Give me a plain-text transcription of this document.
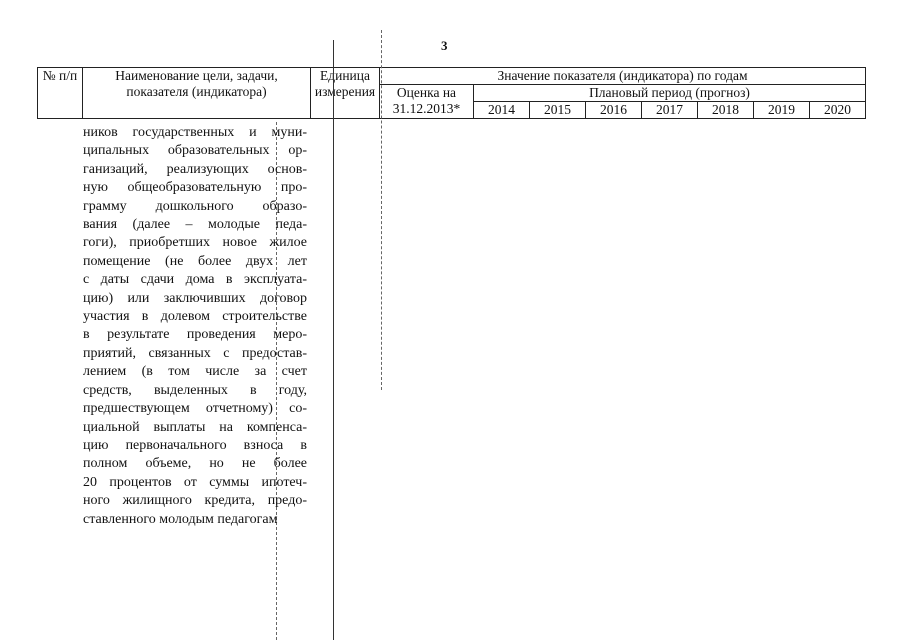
3
№ п/п	Наименование цели, задачи, показателя (индикатора)	Единица измерения	Значение показателя (индикатора) по годам							
			Оценка на 31.12.2013*	Плановый период (прогноз)						
				2014	2015	2016	2017	2018	2019	2020
ников государственных и муни-
ципальных образовательных ор-
ганизаций, реализующих основ-
ную общеобразовательную про-
грамму дошкольного образо-
вания (далее – молодые педа-
гоги), приобретших новое жилое
помещение (не более двух лет
с даты сдачи дома в эксплуата-
цию) или заключивших договор
участия в долевом строительстве
в результате проведения меро-
приятий, связанных с предостав-
лением (в том числе за счет
средств, выделенных в году,
предшествующем отчетному) со-
циальной выплаты на компенса-
цию первоначального взноса в
полном объеме, но не более
20 процентов от суммы ипотеч-
ного жилищного кредита, предо-
ставленного молодым педагогам
